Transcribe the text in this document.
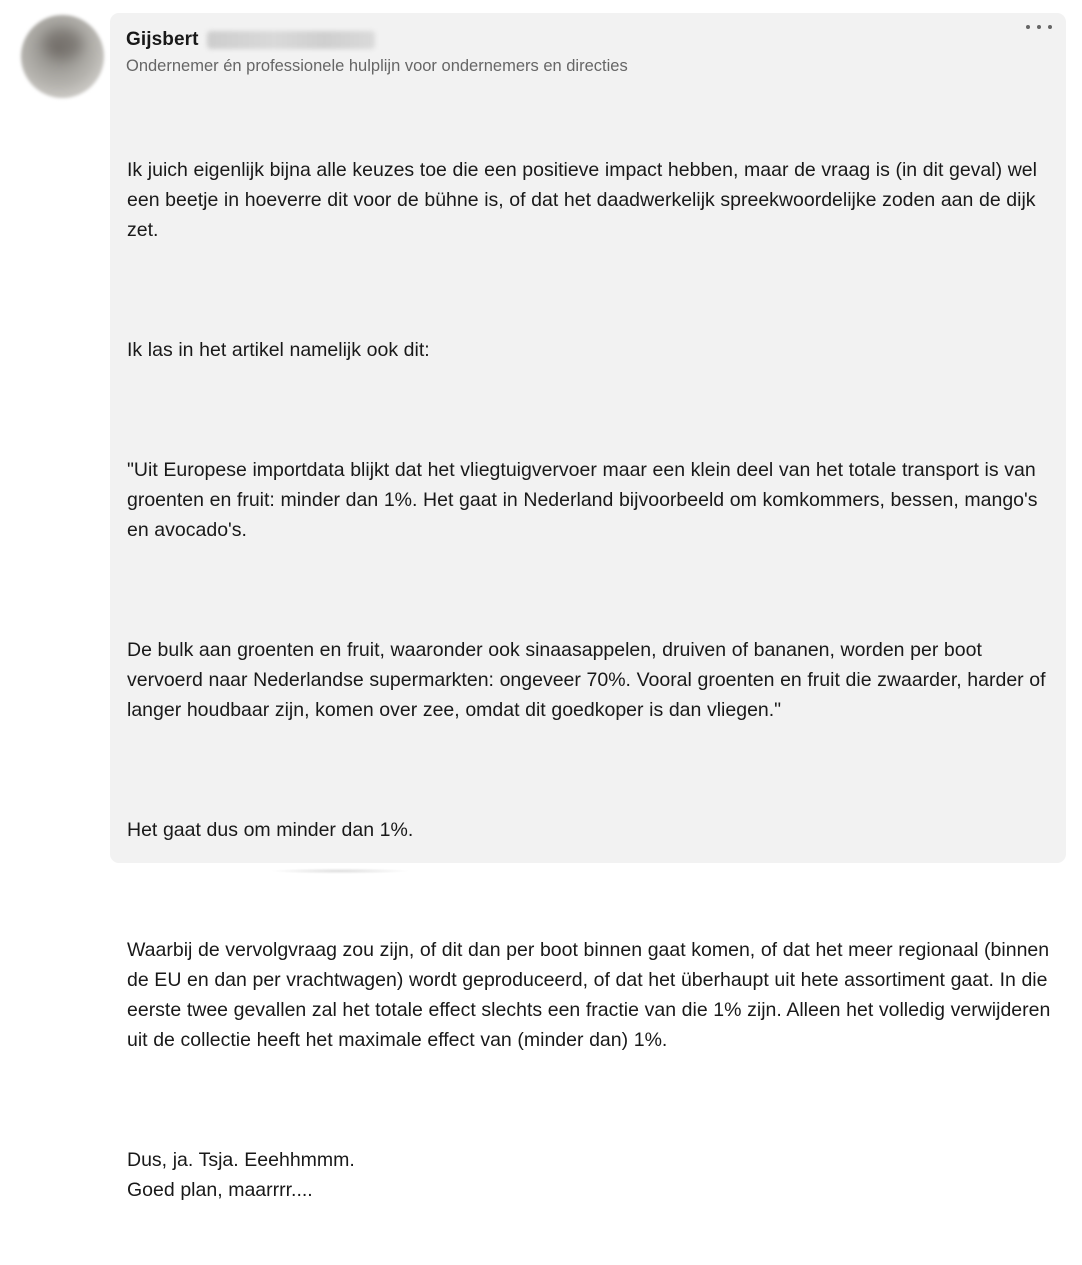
Gijsbert
Ondernemer én professionele hulplijn voor ondernemers en directies

Ik juich eigenlijk bijna alle keuzes toe die een positieve impact hebben, maar de vraag is (in dit geval) wel een beetje in hoeverre dit voor de bühne is, of dat het daadwerkelijk spreekwoordelijke zoden aan de dijk zet.

Ik las in het artikel namelijk ook dit:

"Uit Europese importdata blijkt dat het vliegtuigvervoer maar een klein deel van het totale transport is van groenten en fruit: minder dan 1%. Het gaat in Nederland bijvoorbeeld om komkommers, bessen, mango's en avocado's.

De bulk aan groenten en fruit, waaronder ook sinaasappelen, druiven of bananen, worden per boot vervoerd naar Nederlandse supermarkten: ongeveer 70%. Vooral groenten en fruit die zwaarder, harder of langer houdbaar zijn, komen over zee, omdat dit goedkoper is dan vliegen."

Het gaat dus om minder dan 1%.

Waarbij de vervolgvraag zou zijn, of dit dan per boot binnen gaat komen, of dat het meer regionaal (binnen de EU en dan per vrachtwagen) wordt geproduceerd, of dat het überhaupt uit hete assortiment gaat. In die eerste twee gevallen zal het totale effect slechts een fractie van die 1% zijn. Alleen het volledig verwijderen uit de collectie heeft het maximale effect van (minder dan) 1%.

Dus, ja. Tsja. Eeehhmmm.
Goed plan, maarrrr....
